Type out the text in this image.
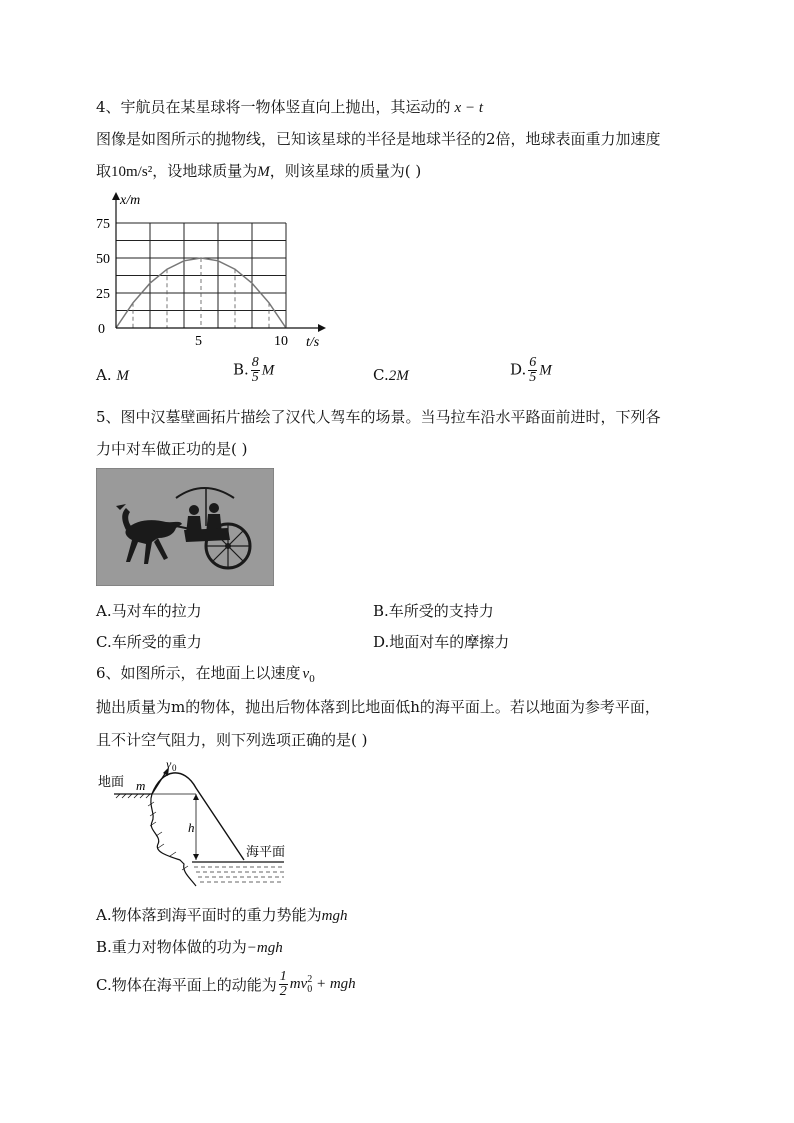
4、宇航员在某星球将一物体竖直向上抛出，其运动的 x − t
图像是如图所示的抛物线，已知该星球的半径是地球半径的2倍，地球表面重力加速度
取10m/s²，设地球质量为M，则该星球的质量为( )
x/m
t/s
0
25
50
75
5	10
A. M	B. $\frac{8}{5}$ M	C.2M	D. $\frac{6}{5}$ M
5、图中汉墓壁画拓片描绘了汉代人驾车的场景。当马拉车沿水平路面前进时，下列各
力中对车做正功的是( )
A.马对车的拉力	B.车所受的支持力
C.车所受的重力	D.地面对车的摩擦力
6、如图所示，在地面上以速度 $v_0$
抛出质量为m的物体，抛出后物体落到比地面低h的海平面上。若以地面为参考平面，
且不计空气阻力，则下列选项正确的是( )
地面 m
v 0
h
海平面
A.物体落到海平面时的重力势能为mgh
B.重力对物体做的功为−mgh
C.物体在海平面上的动能为 $\frac{1}{2}$ mv 2
0 + mgh
